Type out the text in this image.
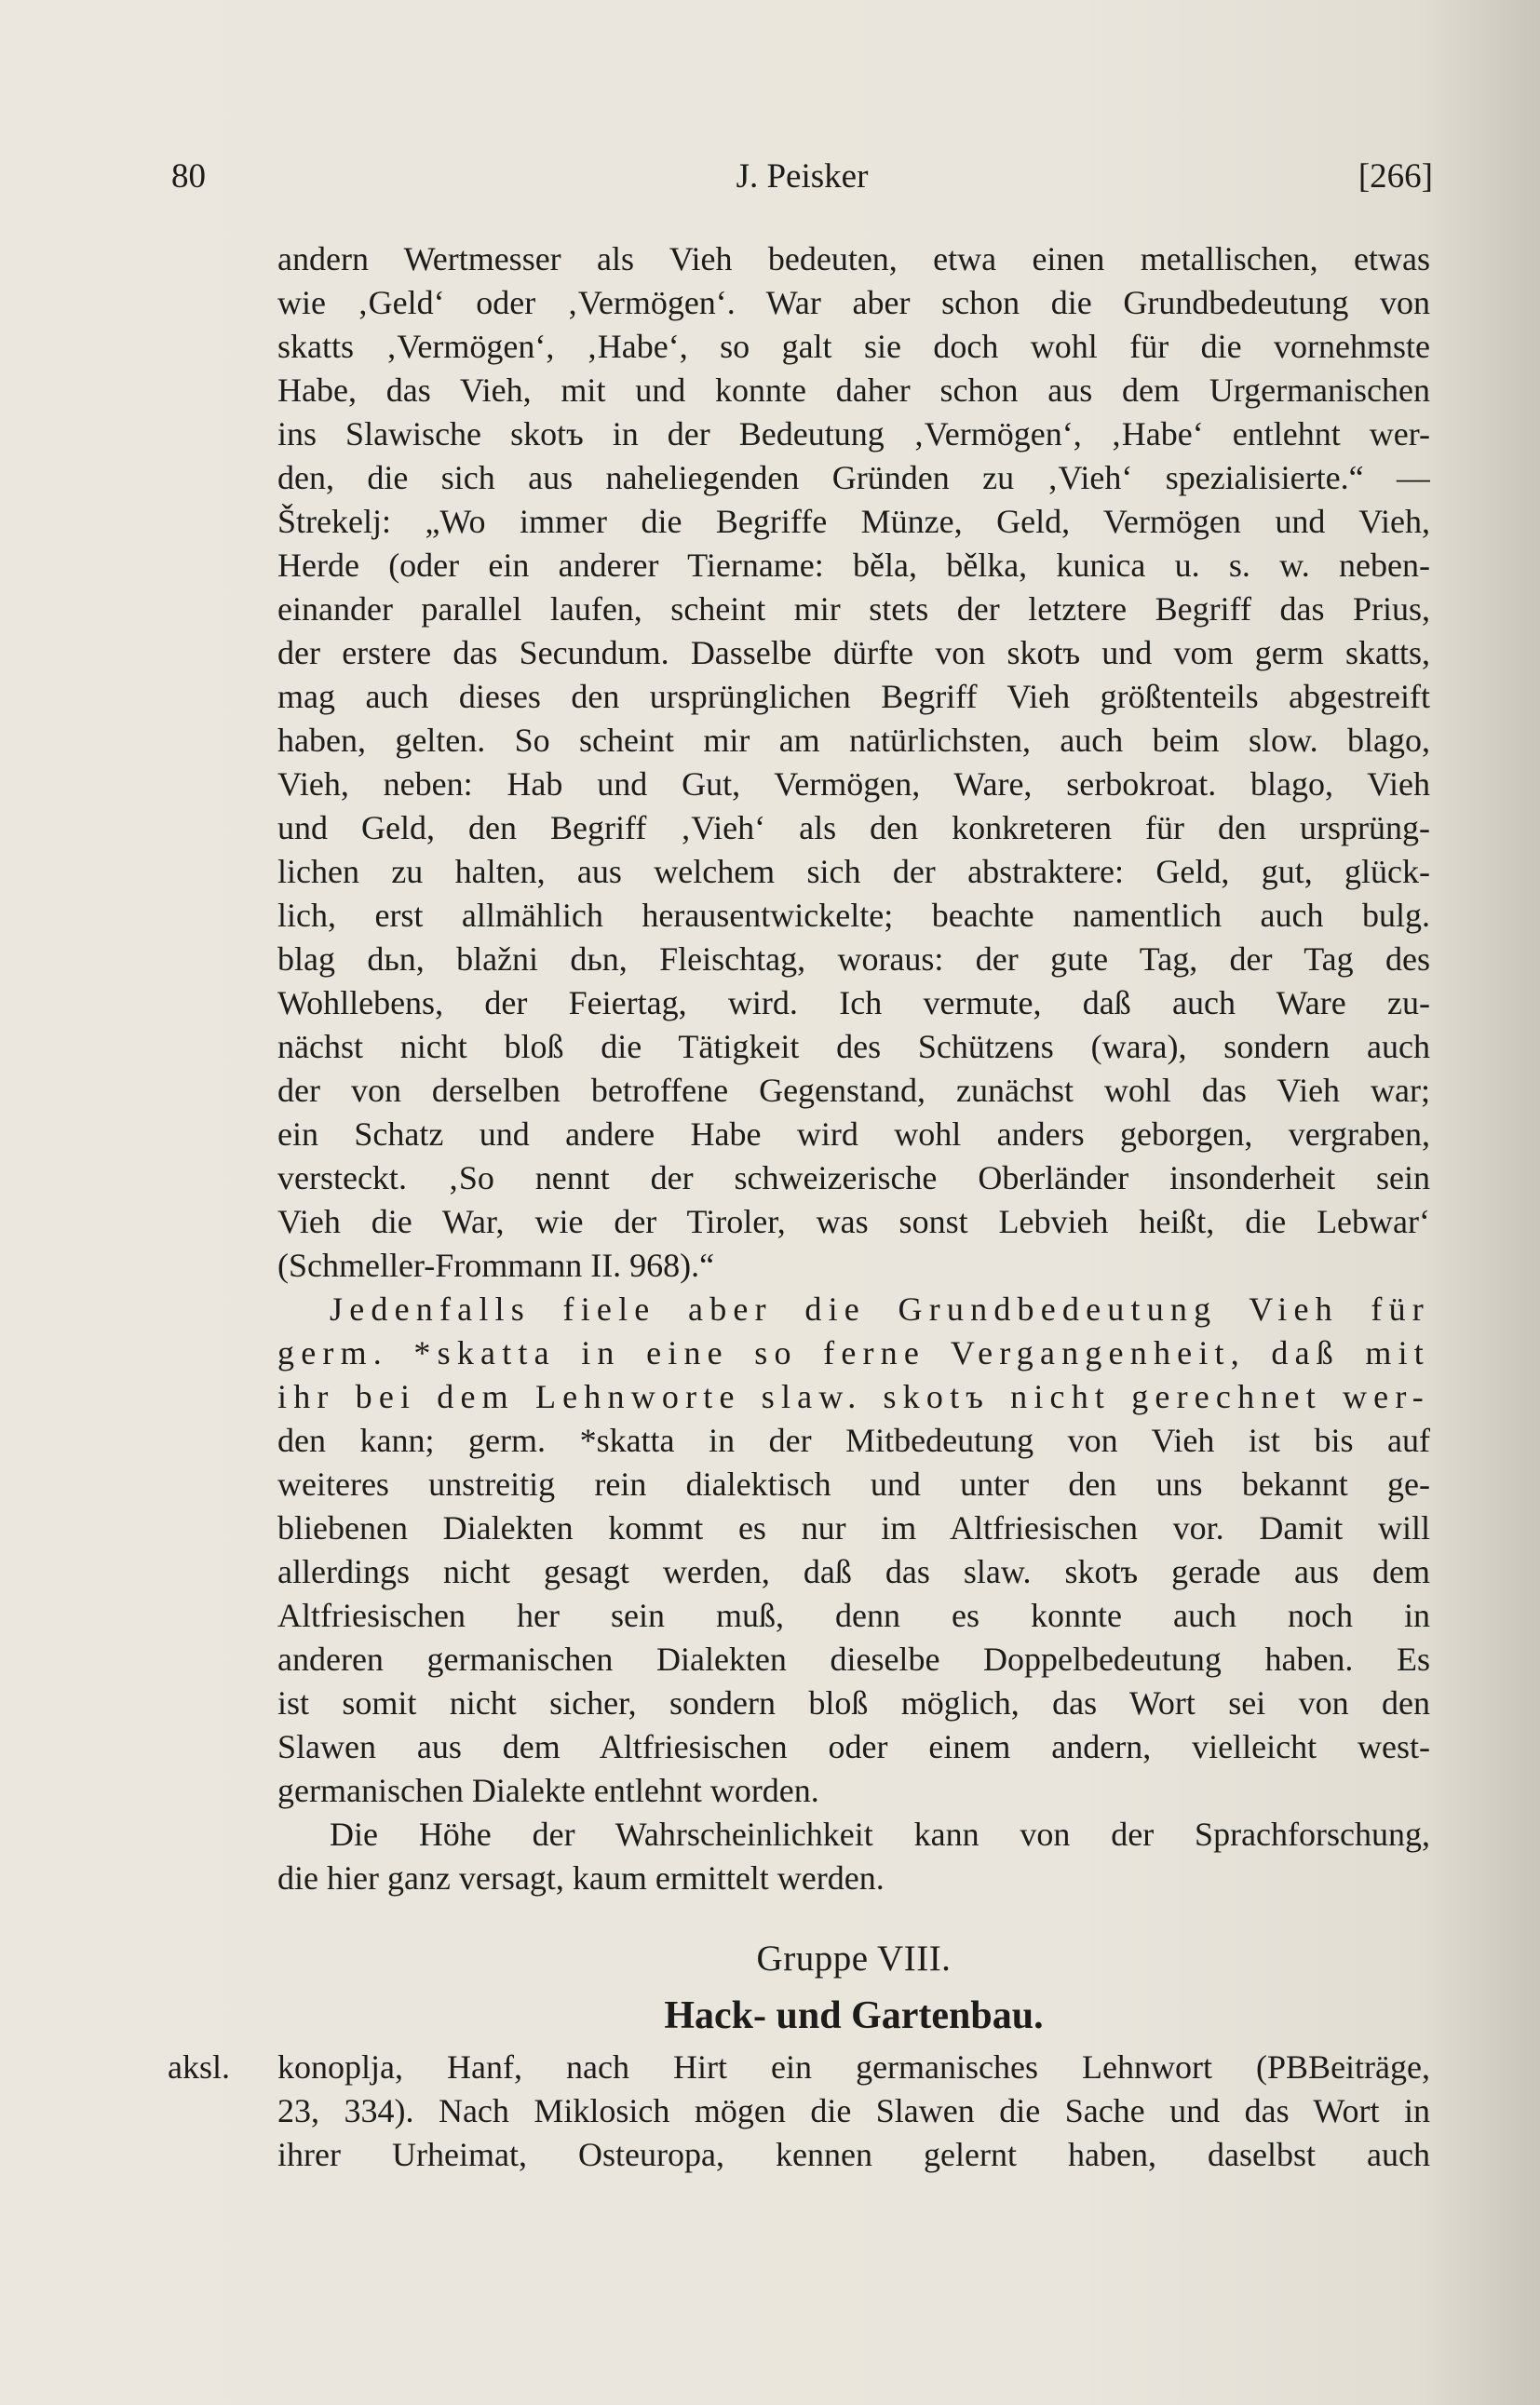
80	J. Peisker	[266]
andern Wertmesser als Vieh bedeuten, etwa einen metallischen, etwas
wie ‚Geld‘ oder ‚Vermögen‘. War aber schon die Grundbedeutung von
skatts ‚Vermögen‘, ‚Habe‘, so galt sie doch wohl für die vornehmste
Habe, das Vieh, mit und konnte daher schon aus dem Urgermanischen
ins Slawische skotъ in der Bedeutung ‚Vermögen‘, ‚Habe‘ entlehnt wer-
den, die sich aus naheliegenden Gründen zu ‚Vieh‘ spezialisierte.“ —
Štrekelj: „Wo immer die Begriffe Münze, Geld, Vermögen und Vieh,
Herde (oder ein anderer Tiername: běla, bělka, kunica u. s. w. neben-
einander parallel laufen, scheint mir stets der letztere Begriff das Prius,
der erstere das Secundum. Dasselbe dürfte von skotъ und vom germ skatts,
mag auch dieses den ursprünglichen Begriff Vieh größtenteils abgestreift
haben, gelten. So scheint mir am natürlichsten, auch beim slow. blago,
Vieh, neben: Hab und Gut, Vermögen, Ware, serbokroat. blago, Vieh
und Geld, den Begriff ‚Vieh‘ als den konkreteren für den ursprüng-
lichen zu halten, aus welchem sich der abstraktere: Geld, gut, glück-
lich, erst allmählich herausentwickelte; beachte namentlich auch bulg.
blag dьn, blažni dьn, Fleischtag, woraus: der gute Tag, der Tag des
Wohllebens, der Feiertag, wird. Ich vermute, daß auch Ware zu-
nächst nicht bloß die Tätigkeit des Schützens (wara), sondern auch
der von derselben betroffene Gegenstand, zunächst wohl das Vieh war;
ein Schatz und andere Habe wird wohl anders geborgen, vergraben,
versteckt. ‚So nennt der schweizerische Oberländer insonderheit sein
Vieh die War, wie der Tiroler, was sonst Lebvieh heißt, die Lebwar‘
(Schmeller-Frommann II. 968).“
Jedenfalls fiele aber die Grundbedeutung Vieh für
germ. *skatta in eine so ferne Vergangenheit, daß mit
ihr bei dem Lehnworte slaw. skotъ nicht gerechnet wer-
den kann; germ. *skatta in der Mitbedeutung von Vieh ist bis auf
weiteres unstreitig rein dialektisch und unter den uns bekannt ge-
bliebenen Dialekten kommt es nur im Altfriesischen vor. Damit will
allerdings nicht gesagt werden, daß das slaw. skotъ gerade aus dem
Altfriesischen her sein muß, denn es konnte auch noch in
anderen germanischen Dialekten dieselbe Doppelbedeutung haben. Es
ist somit nicht sicher, sondern bloß möglich, das Wort sei von den
Slawen aus dem Altfriesischen oder einem andern, vielleicht west-
germanischen Dialekte entlehnt worden.
Die Höhe der Wahrscheinlichkeit kann von der Sprachforschung,
die hier ganz versagt, kaum ermittelt werden.
Gruppe VIII.
Hack- und Gartenbau.
aksl. konoplja, Hanf, nach Hirt ein germanisches Lehnwort (PBBeiträge,
23, 334). Nach Miklosich mögen die Slawen die Sache und das Wort in
ihrer Urheimat, Osteuropa, kennen gelernt haben, daselbst auch
